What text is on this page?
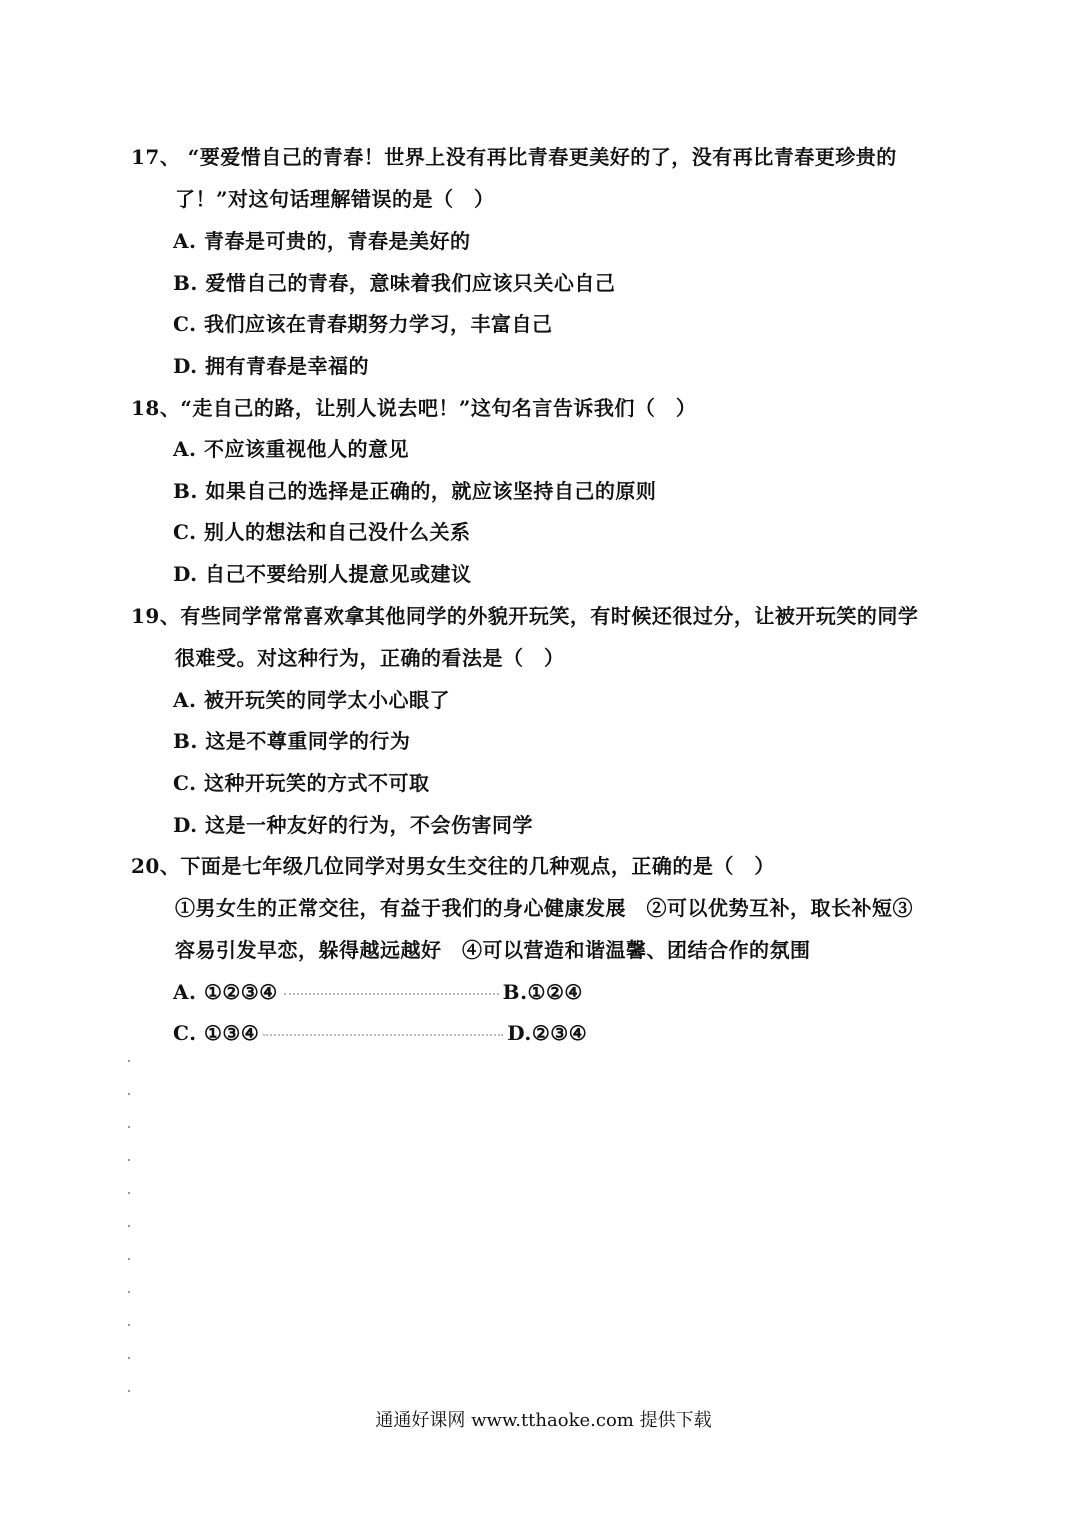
17、 “要爱惜自己的青春！世界上没有再比青春更美好的了，没有再比青春更珍贵的
了！”对这句话理解错误的是（　）
A. 青春是可贵的，青春是美好的
B. 爱惜自己的青春，意味着我们应该只关心自己
C. 我们应该在青春期努力学习，丰富自己
D. 拥有青春是幸福的
18、“走自己的路，让别人说去吧！”这句名言告诉我们（　）
A. 不应该重视他人的意见
B. 如果自己的选择是正确的，就应该坚持自己的原则
C. 别人的想法和自己没什么关系
D. 自己不要给别人提意见或建议
19、有些同学常常喜欢拿其他同学的外貌开玩笑，有时候还很过分，让被开玩笑的同学
很难受。对这种行为，正确的看法是（　）
A. 被开玩笑的同学太小心眼了
B. 这是不尊重同学的行为
C. 这种开玩笑的方式不可取
D. 这是一种友好的行为，不会伤害同学
20、下面是七年级几位同学对男女生交往的几种观点，正确的是（　）
①男女生的正常交往，有益于我们的身心健康发展　②可以优势互补，取长补短③
容易引发早恋，躲得越远越好　④可以营造和谐温馨、团结合作的氛围
A. ①②③④	B.①②④
C. ①③④	D.②③④
通通好课网 www.tthaoke.com 提供下载
